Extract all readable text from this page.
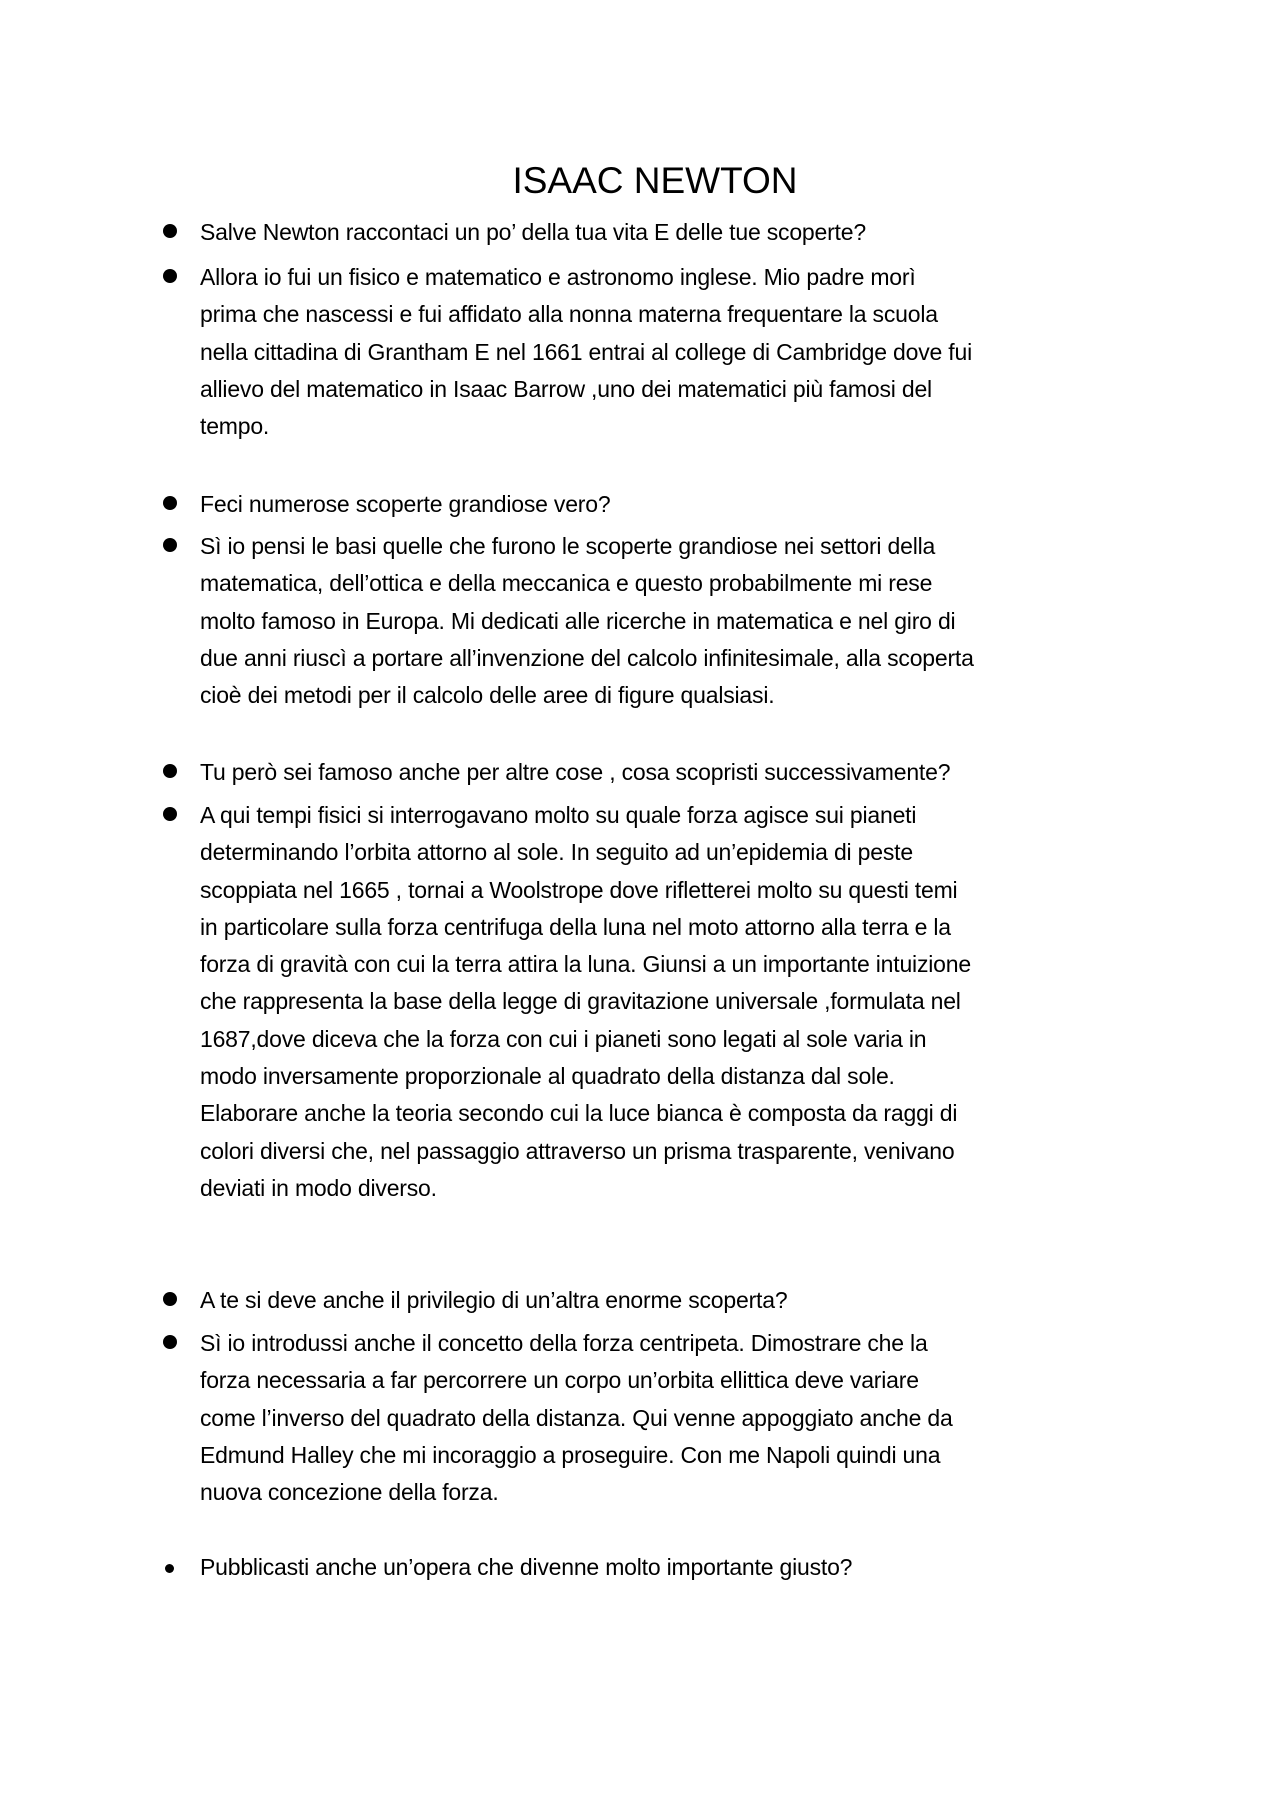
ISAAC NEWTON
Salve Newton raccontaci un po’ della tua vita E delle tue scoperte?
Allora io fui un fisico e matematico e astronomo inglese. Mio padre morì
prima che nascessi e fui affidato alla nonna materna frequentare la scuola
nella cittadina di Grantham E nel 1661 entrai al college di Cambridge dove fui
allievo del matematico in Isaac Barrow ,uno dei matematici più famosi del
tempo.
Feci numerose scoperte grandiose vero?
Sì io pensi le basi quelle che furono le scoperte grandiose nei settori della
matematica, dell’ottica e della meccanica e questo probabilmente mi rese
molto famoso in Europa. Mi dedicati alle ricerche in matematica e nel giro di
due anni riuscì a portare all’invenzione del calcolo infinitesimale, alla scoperta
cioè dei metodi per il calcolo delle aree di figure qualsiasi.
Tu però sei famoso anche per altre cose , cosa scopristi successivamente?
A qui tempi fisici si interrogavano molto su quale forza agisce sui pianeti
determinando l’orbita attorno al sole. In seguito ad un’epidemia di peste
scoppiata nel 1665 , tornai a Woolstrope dove rifletterei molto su questi temi
in particolare sulla forza centrifuga della luna nel moto attorno alla terra e la
forza di gravità con cui la terra attira la luna. Giunsi a un importante intuizione
che rappresenta la base della legge di gravitazione universale ,formulata nel
1687,dove diceva che la forza con cui i pianeti sono legati al sole varia in
modo inversamente proporzionale al quadrato della distanza dal sole.
Elaborare anche la teoria secondo cui la luce bianca è composta da raggi di
colori diversi che, nel passaggio attraverso un prisma trasparente, venivano
deviati in modo diverso.
A te si deve anche il privilegio di un’altra enorme scoperta?
Sì io introdussi anche il concetto della forza centripeta. Dimostrare che la
forza necessaria a far percorrere un corpo un’orbita ellittica deve variare
come l’inverso del quadrato della distanza. Qui venne appoggiato anche da
Edmund Halley che mi incoraggio a proseguire. Con me Napoli quindi una
nuova concezione della forza.
Pubblicasti anche un’opera che divenne molto importante giusto?
